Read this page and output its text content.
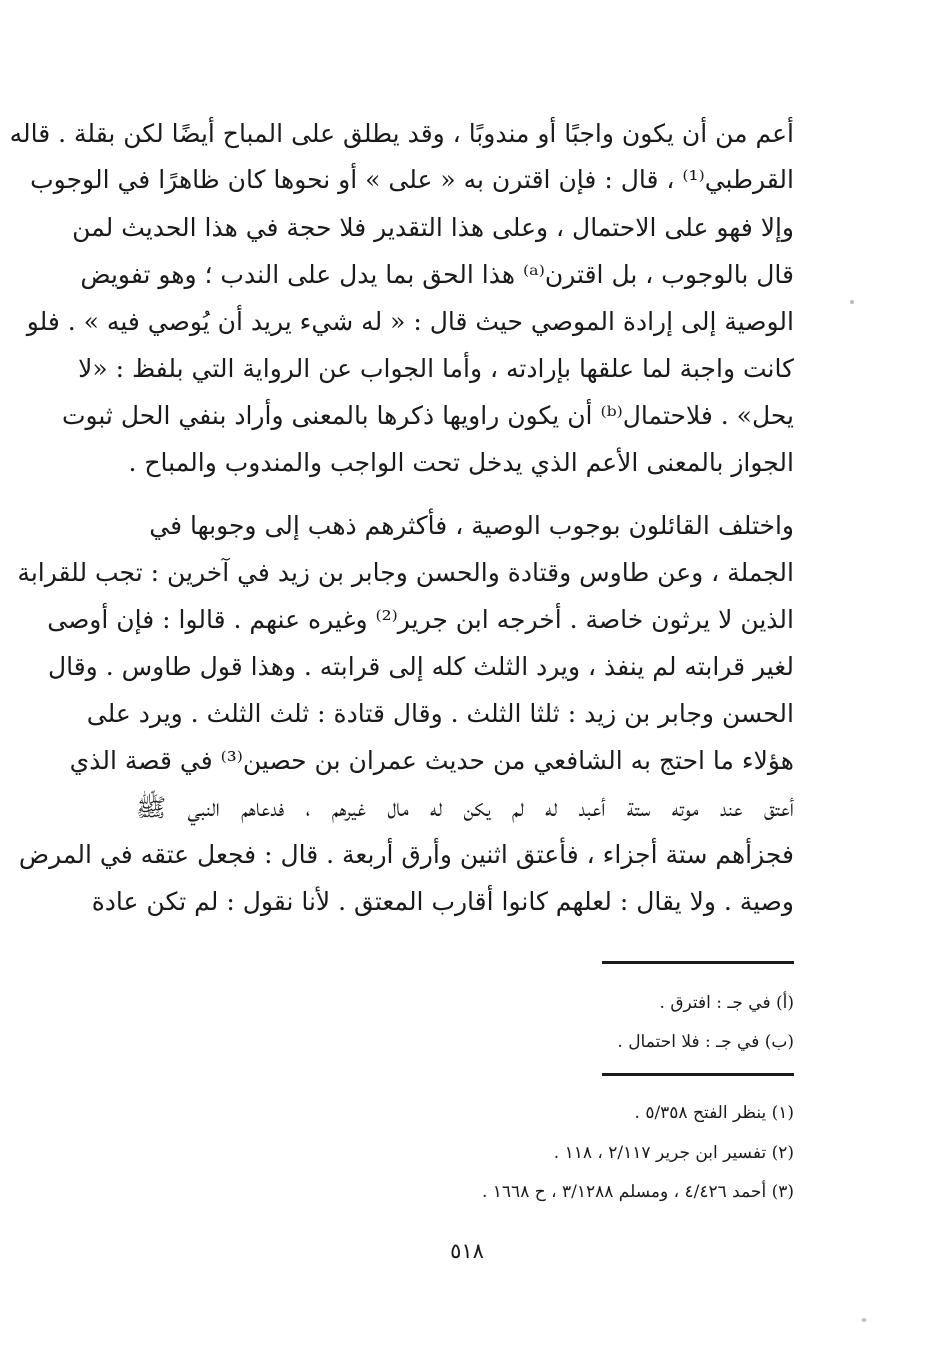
أعم من أن يكون واجبًا أو مندوبًا ، وقد يطلق على المباح أيضًا لكن بقلة . قاله
القرطبي⁽¹⁾ ، قال : فإن اقترن به « على » أو نحوها كان ظاهرًا في الوجوب
وإلا فهو على الاحتمال ، وعلى هذا التقدير فلا حجة في هذا الحديث لمن
قال بالوجوب ، بل اقترن⁽ᵃ⁾ هذا الحق بما يدل على الندب ؛ وهو تفويض
الوصية إلى إرادة الموصي حيث قال : « له شيء يريد أن يُوصي فيه » . فلو
كانت واجبة لما علقها بإرادته ، وأما الجواب عن الرواية التي بلفظ : «لا
يحل» . فلاحتمال⁽ᵇ⁾ أن يكون راويها ذكرها بالمعنى وأراد بنفي الحل ثبوت
الجواز بالمعنى الأعم الذي يدخل تحت الواجب والمندوب والمباح .
واختلف القائلون بوجوب الوصية ، فأكثرهم ذهب إلى وجوبها في
الجملة ، وعن طاوس وقتادة والحسن وجابر بن زيد في آخرين : تجب للقرابة
الذين لا يرثون خاصة . أخرجه ابن جرير⁽²⁾ وغيره عنهم . قالوا : فإن أوصى
لغير قرابته لم ينفذ ، ويرد الثلث كله إلى قرابته . وهذا قول طاوس . وقال
الحسن وجابر بن زيد : ثلثا الثلث . وقال قتادة : ثلث الثلث . ويرد على
هؤلاء ما احتج به الشافعي من حديث عمران بن حصين⁽³⁾ في قصة الذي
أعتق عند موته ستة أعبد له لم يكن له مال غيرهم ، فدعاهم النبي ﷺ
فجزأهم ستة أجزاء ، فأعتق اثنين وأرق أربعة . قال : فجعل عتقه في المرض
وصية . ولا يقال : لعلهم كانوا أقارب المعتق . لأنا نقول : لم تكن عادة
(أ) في جـ : افترق .
(ب) في جـ : فلا احتمال .
(١) ينظر الفتح ٥/٣٥٨ .
(٢) تفسير ابن جرير ٢/١١٧ ، ١١٨ .
(٣) أحمد ٤/٤٢٦ ، ومسلم ٣/١٢٨٨ ، ح ١٦٦٨ .
٥١٨
